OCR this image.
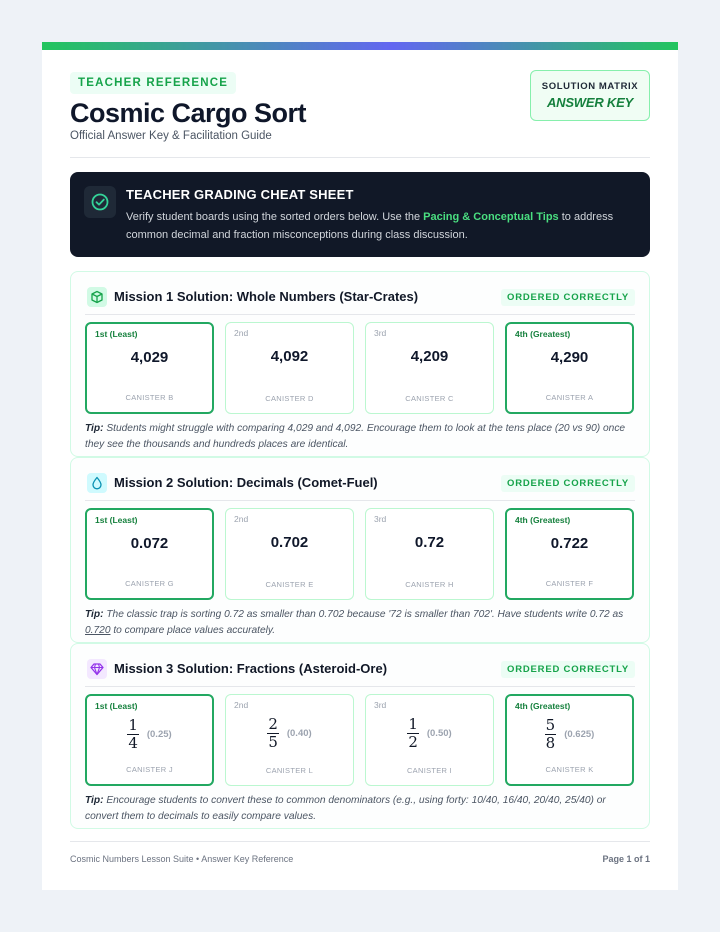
TEACHER REFERENCE
Cosmic Cargo Sort
Official Answer Key & Facilitation Guide
SOLUTION MATRIX
ANSWER KEY
TEACHER GRADING CHEAT SHEET
Verify student boards using the sorted orders below. Use the Pacing & Conceptual Tips to address common decimal and fraction misconceptions during class discussion.
Mission 1 Solution: Whole Numbers (Star-Crates)	ORDERED CORRECTLY
1st (Least)
4,029
CANISTER B
2nd
4,092
CANISTER D
3rd
4,209
CANISTER C
4th (Greatest)
4,290
CANISTER A
Tip: Students might struggle with comparing 4,029 and 4,092. Encourage them to look at the tens place (20 vs 90) once they see the thousands and hundreds places are identical.
Mission 2 Solution: Decimals (Comet-Fuel)	ORDERED CORRECTLY
1st (Least)
0.072
CANISTER G
2nd
0.702
CANISTER E
3rd
0.72
CANISTER H
4th (Greatest)
0.722
CANISTER F
Tip: The classic trap is sorting 0.72 as smaller than 0.702 because '72 is smaller than 702'. Have students write 0.72 as 0.720 to compare place values accurately.
Mission 3 Solution: Fractions (Asteroid-Ore)	ORDERED CORRECTLY
1st (Least)
$\frac{1}{4} (0.25)$
CANISTER J
2nd
$\frac{2}{5} (0.40)$
CANISTER L
3rd
$\frac{1}{2} (0.50)$
CANISTER I
4th (Greatest)
$\frac{5}{8} (0.625)$
CANISTER K
Tip: Encourage students to convert these to common denominators (e.g., using forty: 10/40, 16/40, 20/40, 25/40) or convert them to decimals to easily compare values.
Cosmic Numbers Lesson Suite • Answer Key Reference	Page 1 of 1
